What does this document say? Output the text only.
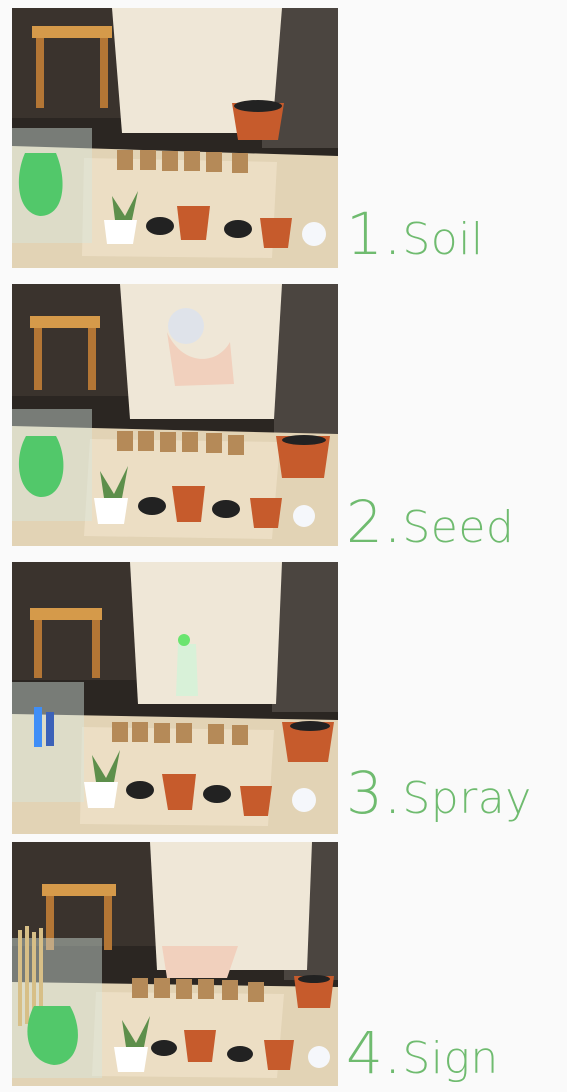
1. Soil
2. Seed
3. Spray
4. Sign
